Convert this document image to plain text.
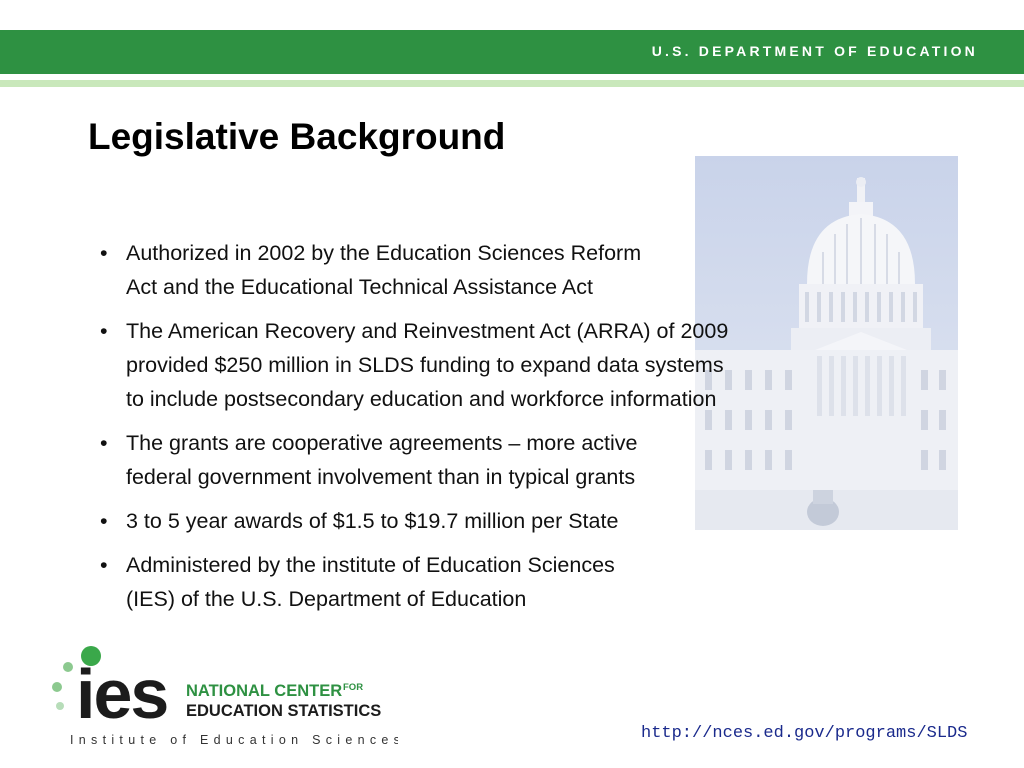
U.S. DEPARTMENT OF EDUCATION
Legislative Background
• Authorized in 2002 by the Education Sciences Reform
Act and the Educational Technical Assistance Act
• The American Recovery and Reinvestment Act (ARRA) of 2009
provided $250 million in SLDS funding to expand data systems
to include postsecondary education and workforce information
• The grants are cooperative agreements – more active
federal government involvement than in typical grants
• 3 to 5 year awards of $1.5 to $19.7 million per State
• Administered by the institute of Education Sciences
(IES) of the U.S. Department of Education
ies NATIONAL CENTER FOR
EDUCATION STATISTICS
Institute of Education Sciences	http://nces.ed.gov/programs/SLDS
